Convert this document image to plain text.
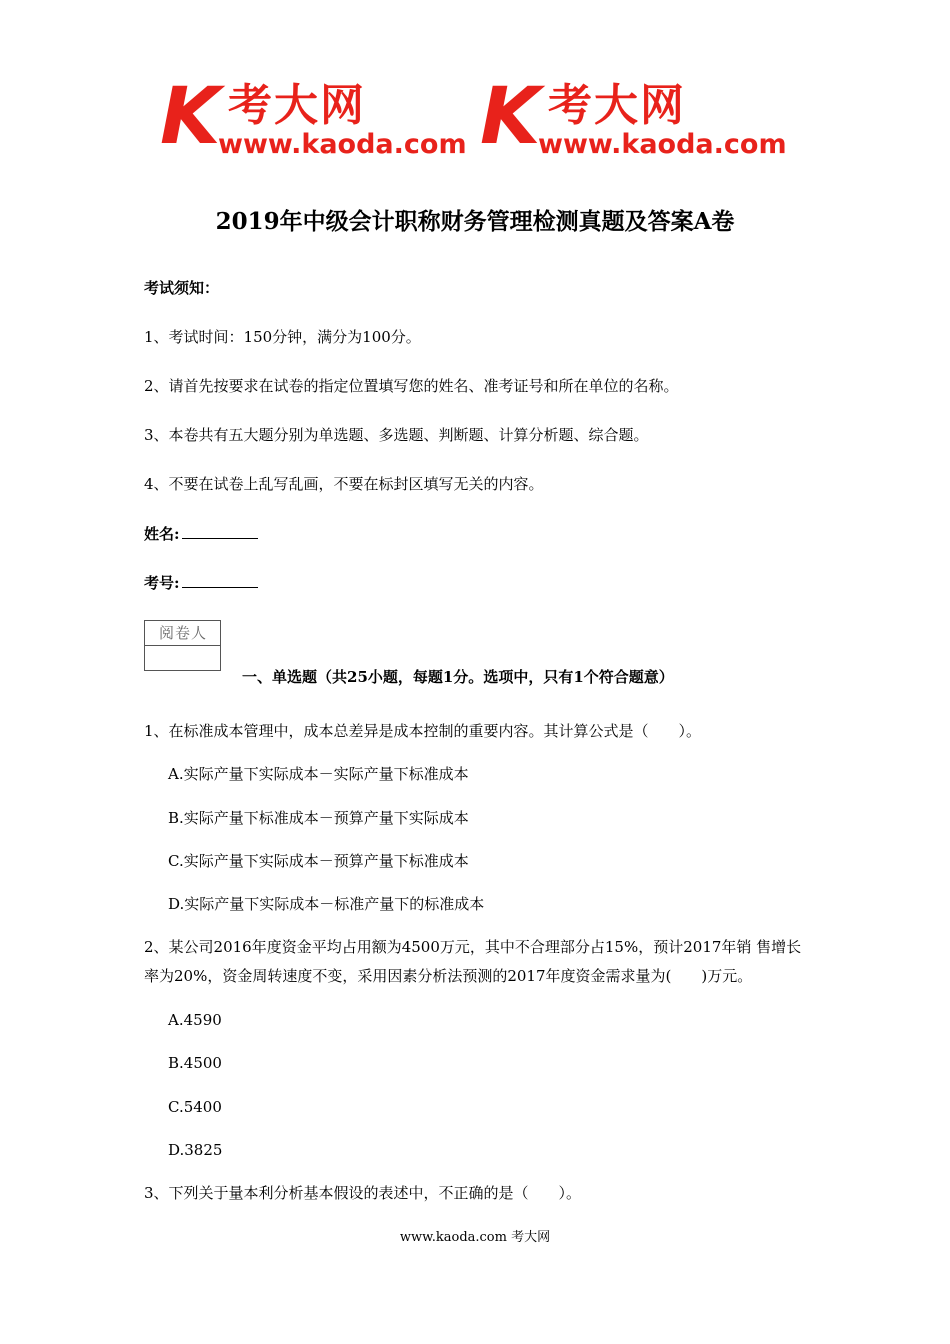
K 考大网
www.kaoda.com K 考大网
www.kaoda.com
2019年中级会计职称财务管理检测真题及答案A卷
考试须知：
1、考试时间：150分钟，满分为100分。
2、请首先按要求在试卷的指定位置填写您的姓名、准考证号和所在单位的名称。
3、本卷共有五大题分别为单选题、多选题、判断题、计算分析题、综合题。
4、不要在试卷上乱写乱画，不要在标封区填写无关的内容。
姓名:
考号:
阅卷人
一、单选题（共25小题，每题1分。选项中，只有1个符合题意）
1、在标准成本管理中，成本总差异是成本控制的重要内容。其计算公式是（　　）。
A.实际产量下实际成本－实际产量下标准成本
B.实际产量下标准成本－预算产量下实际成本
C.实际产量下实际成本－预算产量下标准成本
D.实际产量下实际成本－标准产量下的标准成本
2、某公司2016年度资金平均占用额为4500万元，其中不合理部分占15%，预计2017年销 售增长率为20%，资金周转速度不变，采用因素分析法预测的2017年度资金需求量为(　　)万元。
A.4590
B.4500
C.5400
D.3825
3、下列关于量本利分析基本假设的表述中，不正确的是（　　）。
www.kaoda.com 考大网
